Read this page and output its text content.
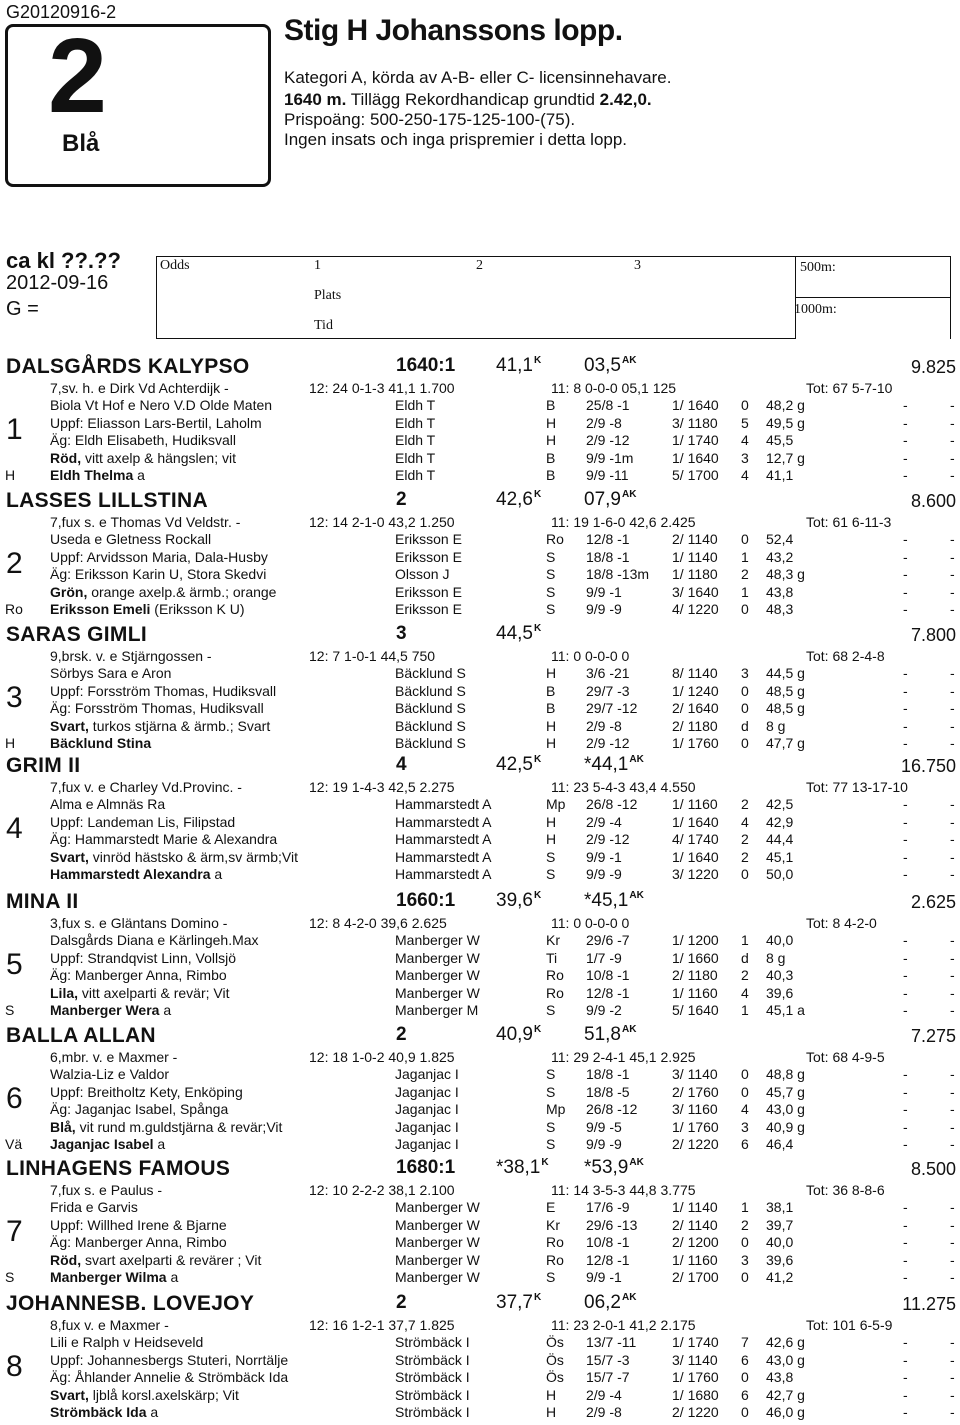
G20120916-2
2
Blå
Stig H Johanssons lopp.
Kategori A, körda av A-B- eller C- licensinnehavare.
1640 m. Tillägg Rekordhandicap grundtid 2.42,0.
Prispoäng: 500-250-175-125-100-(75).
Ingen insats och inga prispremier i detta lopp.
ca kl ??.??
2012-09-16
G =
Odds	1	2	3
Plats
Tid
500m:
1000m:
DALSGÅRDS KALYPSO	1640:1 $41,1^K$ $03,5^{AK}$	9.825
7,sv. h. e Dirk Vd Achterdijk -	12: 24 0-1-3 41,1 1.700	11: 8 0-0-0 05,1 125	Tot: 67 5-7-10
Biola Vt Hof e Nero V.D Olde Maten	Eldh T	B 25/8 -1	1/ 1640 0 48,2 g	-	-
Uppf: Eliasson Lars-Bertil, Laholm	Eldh T	H 2/9 -8	3/ 1180 5 49,5 g	-	-
Äg: Eldh Elisabeth, Hudiksvall	Eldh T	H 2/9 -12	1/ 1740 4 45,5	-	-
Röd, vitt axelp & hängslen; vit	Eldh T	B 9/9 -1m	1/ 1640 3 12,7 g	-	-
Eldh Thelma a	Eldh T	B 9/9 -11	5/ 1700 4 41,1	-	-
1
H
LASSES LILLSTINA	2	$42,6^K$ $07,9^{AK}$	8.600
7,fux s. e Thomas Vd Veldstr. -	12: 14 2-1-0 43,2 1.250	11: 19 1-6-0 42,6 2.425	Tot: 61 6-11-3
Useda e Gletness Rockall	Eriksson E	Ro 12/8 -1	2/ 1140 0 52,4	-	-
Uppf: Arvidsson Maria, Dala-Husby	Eriksson E	S 18/8 -1	1/ 1140 1 43,2	-	-
Äg: Eriksson Karin U, Stora Skedvi	Olsson J	S 18/8 -13m 1/ 1180 2 48,3 g	-	-
Grön, orange axelp.& ärmb.; orange	Eriksson E	S 9/9 -1	3/ 1640 1 43,8	-	-
Eriksson Emeli (Eriksson K U)	Eriksson E	S 9/9 -9	4/ 1220 0 48,3	-	-
2
Ro
SARAS GIMLI	3	$44,5^K$	7.800
9,brsk. v. e Stjärngossen -	12: 7 1-0-1 44,5 750	11: 0 0-0-0 0	Tot: 68 2-4-8
Sörbys Sara e Aron	Bäcklund S	H 3/6 -21	8/ 1140 3 44,5 g	-	-
Uppf: Forsström Thomas, Hudiksvall	Bäcklund S	B 29/7 -3	1/ 1240 0 48,5 g	-	-
Äg: Forsström Thomas, Hudiksvall	Bäcklund S	B 29/7 -12 2/ 1640 0 48,5 g	-	-
Svart, turkos stjärna & ärmb.; Svart	Bäcklund S	H 2/9 -8	2/ 1180 d 8 g	-	-
Bäcklund Stina	Bäcklund S	H 2/9 -12	1/ 1760 0 47,7 g	-	-
3
H
GRIM II	4	$42,5^K$ $*44,1^{AK}$	16.750
7,fux v. e Charley Vd.Provinc. -	12: 19 1-4-3 42,5 2.275	11: 23 5-4-3 43,4 4.550	Tot: 77 13-17-10
Alma e Almnäs Ra	Hammarstedt A	Mp 26/8 -12 1/ 1160 2 42,5	-	-
Uppf: Landeman Lis, Filipstad	Hammarstedt A	H 2/9 -4	1/ 1640 4 42,9	-	-
Äg: Hammarstedt Marie & Alexandra	Hammarstedt A	H 2/9 -12	4/ 1740 2 44,4	-	-
Svart, vinröd hästsko & ärm,sv ärmb;Vit	Hammarstedt A	S 9/9 -1	1/ 1640 2 45,1	-	-
Hammarstedt Alexandra a	Hammarstedt A	S 9/9 -9	3/ 1220 0 50,0	-	-
4
MINA II	1660:1 $39,6^K$ $*45,1^{AK}$	2.625
3,fux s. e Gläntans Domino -	12: 8 4-2-0 39,6 2.625	11: 0 0-0-0 0	Tot: 8 4-2-0
Dalsgårds Diana e Kärlingeh.Max	Manberger W	Kr 29/6 -7	1/ 1200 1 40,0	-	-
Uppf: Strandqvist Linn, Vollsjö	Manberger W	Ti 1/7 -9	1/ 1660 d 8 g	-	-
Äg: Manberger Anna, Rimbo	Manberger W	Ro 10/8 -1	2/ 1180 2 40,3	-	-
Lila, vitt axelparti & revär; Vit	Manberger W	Ro 12/8 -1	1/ 1160 4 39,6	-	-
Manberger Wera a	Manberger M	S 9/9 -2	5/ 1640 1 45,1 a	-	-
5
S
BALLA ALLAN	2	$40,9^K$ $51,8^{AK}$	7.275
6,mbr. v. e Maxmer -	12: 18 1-0-2 40,9 1.825	11: 29 2-4-1 45,1 2.925	Tot: 68 4-9-5
Walzia-Liz e Valdor	Jaganjac I	S 18/8 -1	3/ 1140 0 48,8 g	-	-
Uppf: Breitholtz Kety, Enköping	Jaganjac I	S 18/8 -5	2/ 1760 0 45,7 g	-	-
Äg: Jaganjac Isabel, Spånga	Jaganjac I	Mp 26/8 -12 3/ 1160 4 43,0 g	-	-
Blå, vit rund m.guldstjärna & revär;Vit	Jaganjac I	S 9/9 -5	1/ 1760 3 40,9 g	-	-
Jaganjac Isabel a	Jaganjac I	S 9/9 -9	2/ 1220 6 46,4	-	-
6
Vä
LINHAGENS FAMOUS	1680:1 $*38,1^K$ $*53,9^{AK}$	8.500
7,fux s. e Paulus -	12: 10 2-2-2 38,1 2.100	11: 14 3-5-3 44,8 3.775	Tot: 36 8-8-6
Frida e Garvis	Manberger W	E 17/6 -9	1/ 1140 1 38,1	-	-
Uppf: Willhed Irene & Bjarne	Manberger W	Kr 29/6 -13 2/ 1140 2 39,7	-	-
Äg: Manberger Anna, Rimbo	Manberger W	Ro 10/8 -1	2/ 1200 0 40,0	-	-
Röd, svart axelparti & revärer ; Vit	Manberger W	Ro 12/8 -1	1/ 1160 3 39,6	-	-
Manberger Wilma a	Manberger W	S 9/9 -1	2/ 1700 0 41,2	-	-
7
S
JOHANNESB. LOVEJOY	2	$37,7^K$ $06,2^{AK}$	11.275
8,fux v. e Maxmer -	12: 16 1-2-1 37,7 1.825	11: 23 2-0-1 41,2 2.175	Tot: 101 6-5-9
Lili e Ralph v Heidseveld	Strömbäck I	Ös 13/7 -11	1/ 1740 7 42,6 g	-	-
Uppf: Johannesbergs Stuteri, Norrtälje	Strömbäck I	Ös 15/7 -3	3/ 1140 6 43,0 g	-	-
Äg: Åhlander Annelie & Strömbäck Ida	Strömbäck I	Ös 15/7 -7	1/ 1760 0 43,8	-	-
Svart, ljblå korsl.axelskärp; Vit	Strömbäck I	H 2/9 -4	1/ 1680 6 42,7 g	-	-
Strömbäck Ida a	Strömbäck I	H 2/9 -8	2/ 1220 0 46,0 g	-	-
8
